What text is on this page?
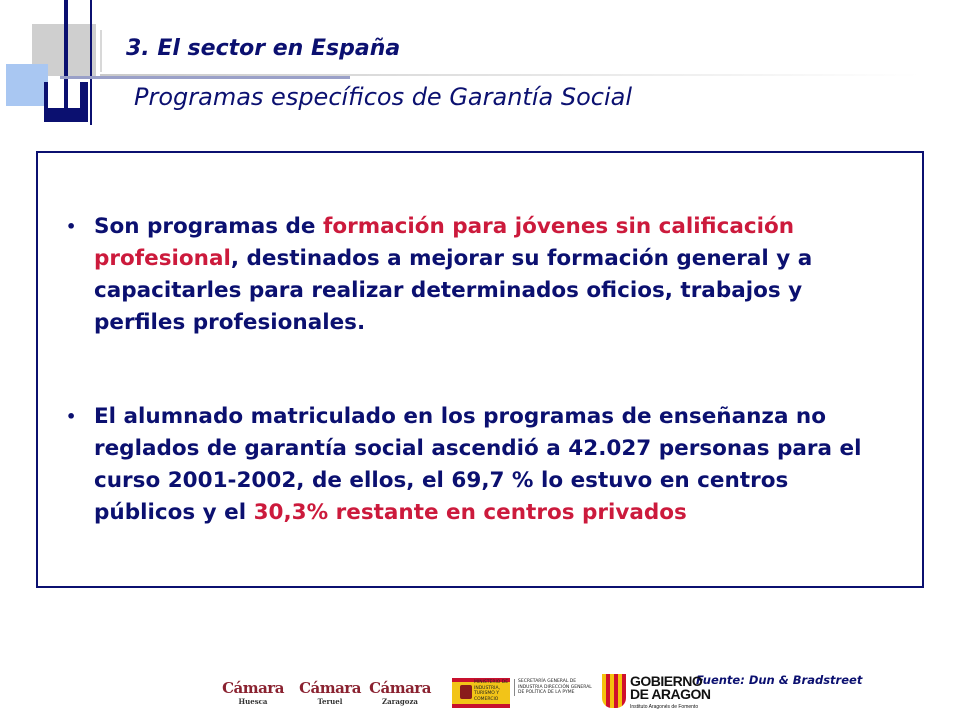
3. El sector en España
Programas específicos de Garantía Social
• Son programas de formación para jóvenes sin calificación profesional, destinados a mejorar su formación general y a capacitarles para realizar determinados oficios, trabajos y perfiles profesionales.
• El alumnado matriculado en los programas de enseñanza no reglados de garantía social ascendió a 42.027 personas para el curso 2001-2002, de ellos, el 69,7 % lo estuvo en centros públicos y el 30,3% restante en centros privados
Fuente: Dun & Bradstreet
Cámara
Huesca
Cámara
Teruel
Cámara
Zaragoza
MINISTERIO DE INDUSTRIA, TURISMO Y COMERCIO
SECRETARÍA GENERAL DE INDUSTRIA DIRECCIÓN GENERAL DE POLÍTICA DE LA PYME
GOBIERNO
DE ARAGON
Instituto Aragonés de Fomento
